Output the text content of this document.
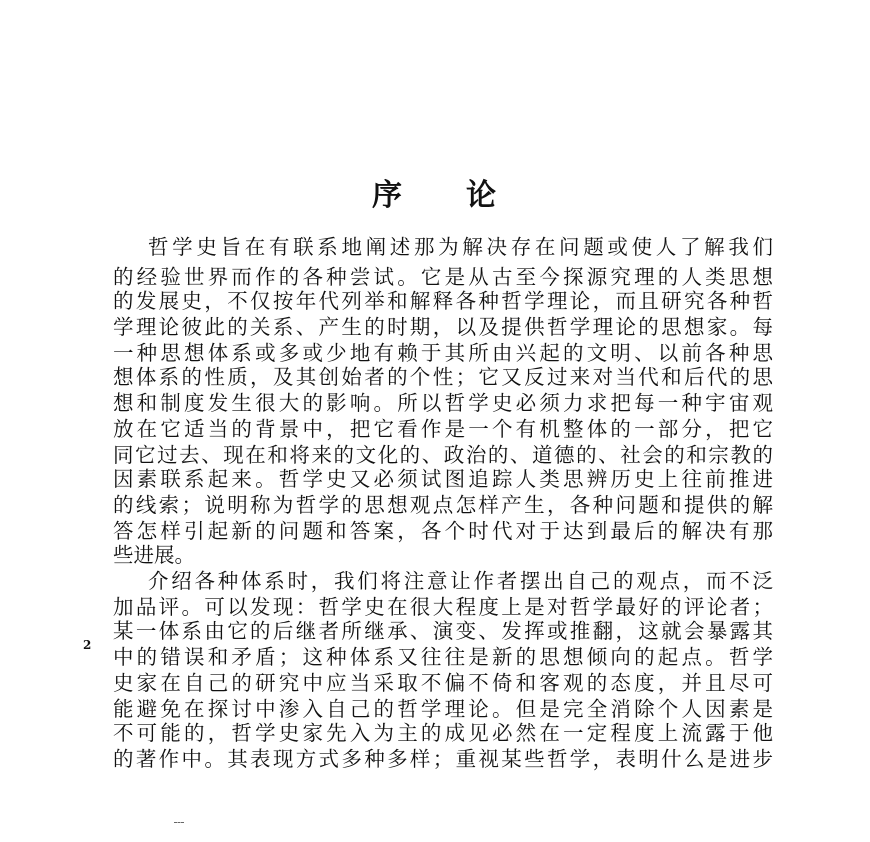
序 论
哲学史旨在有联系地阐述那为解决存在问题或使人了解我们
的经验世界而作的各种尝试。它是从古至今探源究理的人类思想
的发展史，不仅按年代列举和解释各种哲学理论，而且研究各种哲
学理论彼此的关系、产生的时期，以及提供哲学理论的思想家。每
一种思想体系或多或少地有赖于其所由兴起的文明、以前各种思
想体系的性质，及其创始者的个性；它又反过来对当代和后代的思
想和制度发生很大的影响。所以哲学史必须力求把每一种宇宙观
放在它适当的背景中，把它看作是一个有机整体的一部分，把它
同它过去、现在和将来的文化的、政治的、道德的、社会的和宗教的
因素联系起来。哲学史又必须试图追踪人类思辨历史上往前推进
的线索；说明称为哲学的思想观点怎样产生，各种问题和提供的解
答怎样引起新的问题和答案，各个时代对于达到最后的解决有那
些进展。
介绍各种体系时，我们将注意让作者摆出自己的观点，而不泛
加品评。可以发现：哲学史在很大程度上是对哲学最好的评论者；
某一体系由它的后继者所继承、演变、发挥或推翻，这就会暴露其
中的错误和矛盾；这种体系又往往是新的思想倾向的起点。哲学
史家在自己的研究中应当采取不偏不倚和客观的态度，并且尽可
能避免在探讨中渗入自己的哲学理论。但是完全消除个人因素是
不可能的，哲学史家先入为主的成见必然在一定程度上流露于他
的著作中。其表现方式多种多样；重视某些哲学，表明什么是进步
2
